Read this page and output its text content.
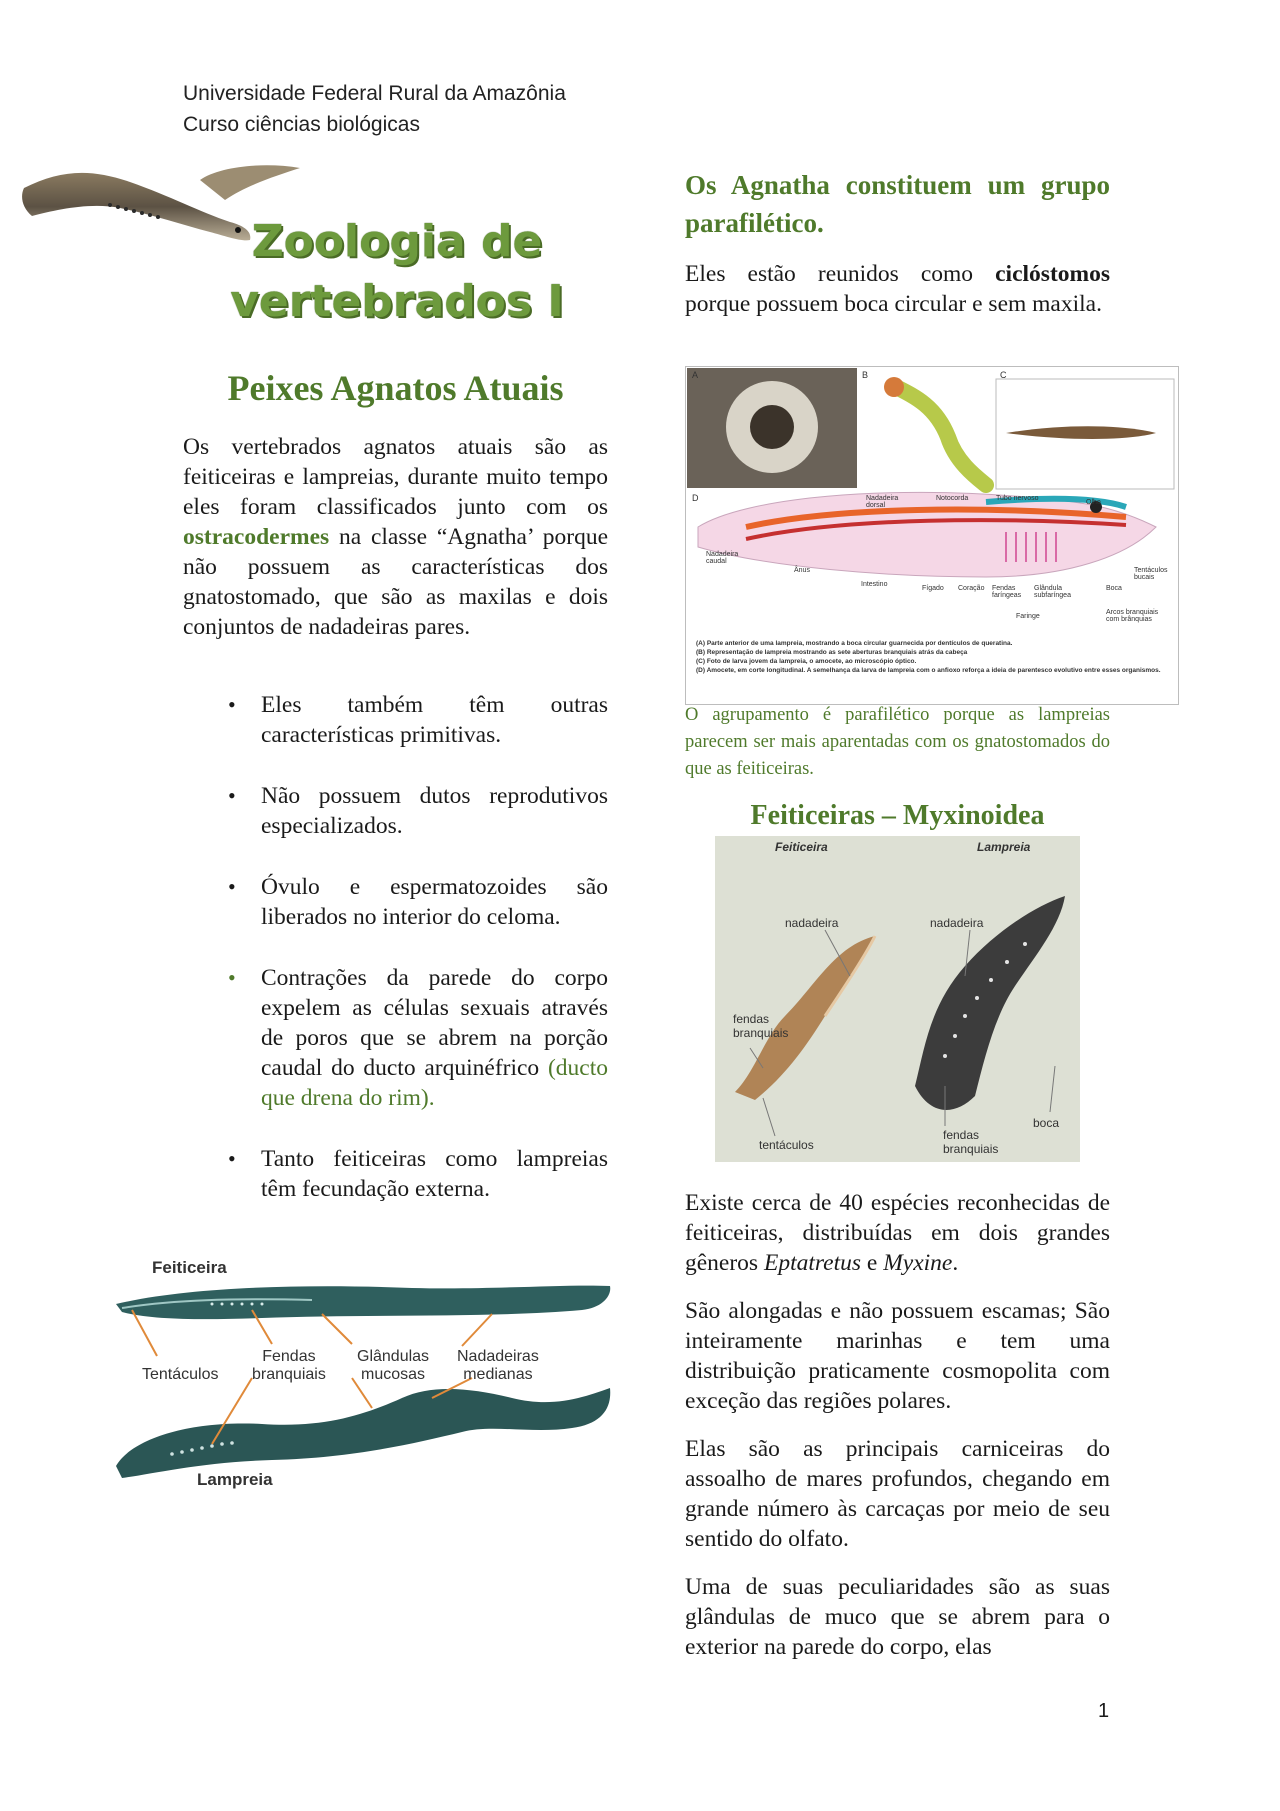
Universidade Federal Rural da Amazônia
Curso ciências biológicas
Zoologia de
vertebrados I
Peixes Agnatos Atuais
Os vertebrados agnatos atuais são as feiticeiras e lampreias, durante muito tempo eles foram classificados junto com os ostracodermes na classe “Agnatha’ porque não possuem as características dos gnatostomado, que são as maxilas e dois conjuntos de nadadeiras pares.
• Eles também têm outras características primitivas.
• Não possuem dutos reprodutivos especializados.
• Óvulo e espermatozoides são liberados no interior do celoma.
• Contrações da parede do corpo expelem as células sexuais através de poros que se abrem na porção caudal do ducto arquinéfrico (ducto que drena do rim).
• Tanto feiticeiras como lampreias têm fecundação externa.
Feiticeira
Lampreia
Tentáculos
Fendas
branquiais
Glândulas
mucosas
Nadadeiras
medianas
Os Agnatha constituem um grupo parafilético.
Eles estão reunidos como ciclóstomos porque possuem boca circular e sem maxila.
A	B	C
D	Nadadeira dorsal
Notocorda	Tubo nervoso
Olho
Nadadeira caudal
Ânus
Intestino
Fígado Coração Fendas faríngeas
Glândula subfaríngea
Boca
Tentáculos bucais
Faringe
Arcos branquiais com brânquias
(A) Parte anterior de uma lampreia, mostrando a boca circular guarnecida por dentículos de queratina.
(B) Representação de lampreia mostrando as sete aberturas branquiais atrás da cabeça
(C) Foto de larva jovem da lampreia, o amocete, ao microscópio óptico.
(D) Amocete, em corte longitudinal. A semelhança da larva de lampreia com o anfioxo reforça a ideia de parentesco evolutivo entre esses organismos.
O agrupamento é parafilético porque as lampreias parecem ser mais aparentadas com os gnatostomados do que as feiticeiras.
Feiticeiras – Myxinoidea
Feiticeira	Lampreia
nadadeira	nadadeira
fendas
branquiais
tentáculos
fendas
branquiais
boca
Existe cerca de 40 espécies reconhecidas de feiticeiras, distribuídas em dois grandes gêneros Eptatretus e Myxine.
São alongadas e não possuem escamas; São inteiramente marinhas e tem uma distribuição praticamente cosmopolita com exceção das regiões polares.
Elas são as principais carniceiras do assoalho de mares profundos, chegando em grande número às carcaças por meio de seu sentido do olfato.
Uma de suas peculiaridades são as suas glândulas de muco que se abrem para o exterior na parede do corpo, elas
1
